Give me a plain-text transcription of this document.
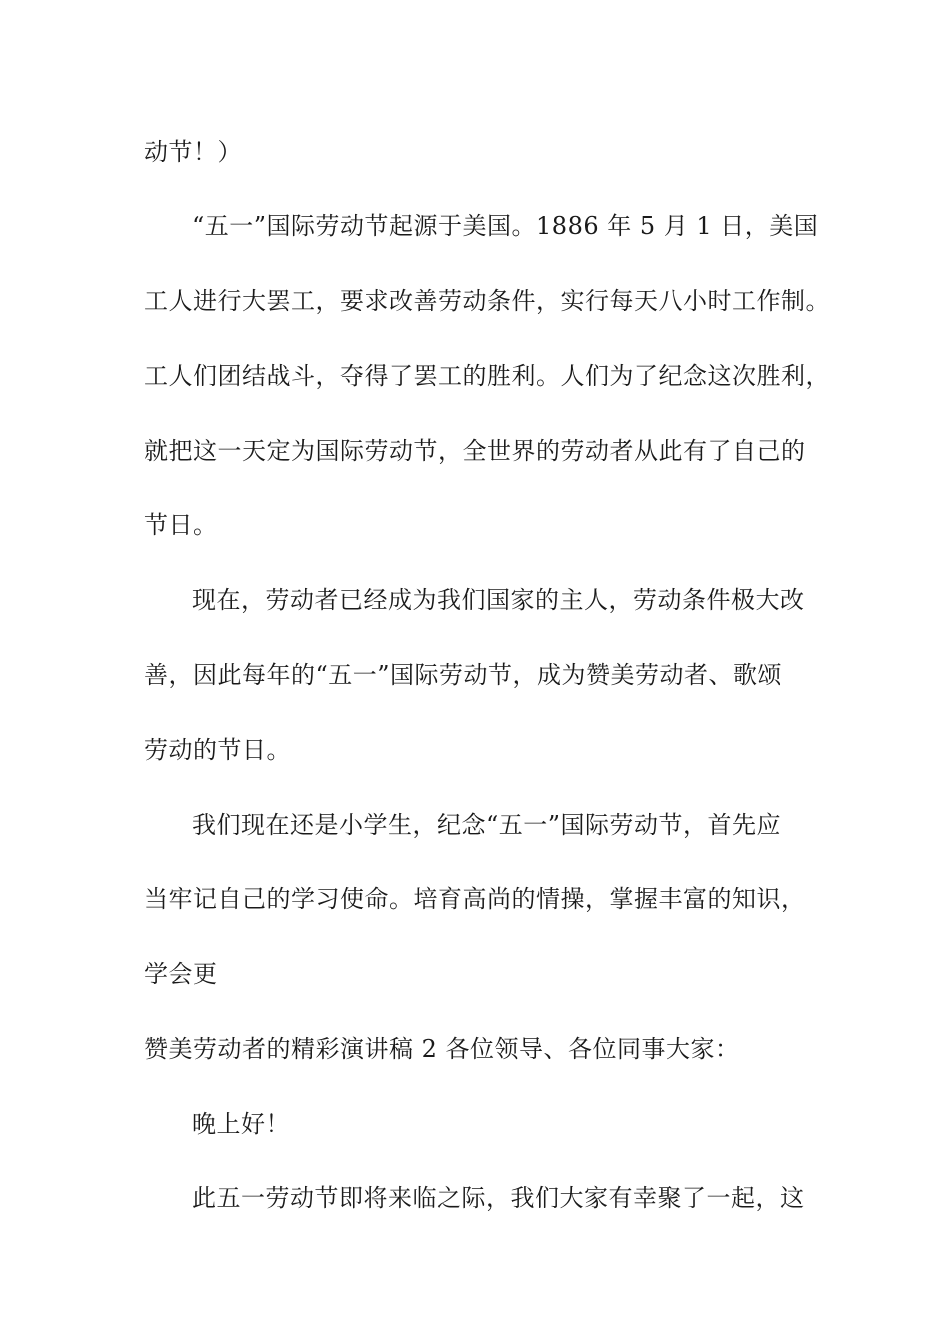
动节！）
“五一”国际劳动节起源于美国。1886 年 5 月 1 日，美国
工人进行大罢工，要求改善劳动条件，实行每天八小时工作制。
工人们团结战斗，夺得了罢工的胜利。人们为了纪念这次胜利，
就把这一天定为国际劳动节，全世界的劳动者从此有了自己的
节日。
现在，劳动者已经成为我们国家的主人，劳动条件极大改
善，因此每年的“五一”国际劳动节，成为赞美劳动者、歌颂
劳动的节日。
我们现在还是小学生，纪念“五一”国际劳动节，首先应
当牢记自己的学习使命。培育高尚的情操，掌握丰富的知识，
学会更
赞美劳动者的精彩演讲稿 2 各位领导、各位同事大家：
晚上好！
此五一劳动节即将来临之际，我们大家有幸聚了一起，这
